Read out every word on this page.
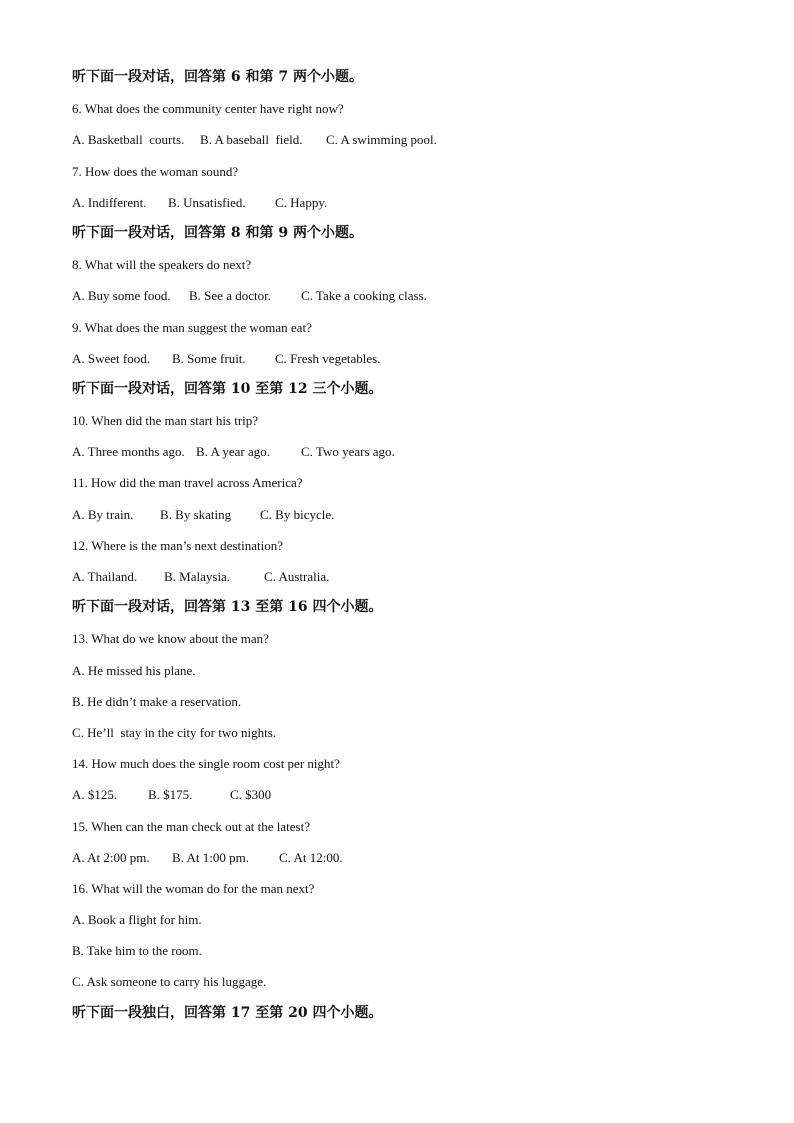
听下面一段对话，回答第 6 和第 7 两个小题。
6. What does the community center have right now?
A. Basketball  courts. B. A baseball  field. C. A swimming pool.
7. How does the woman sound?
A. Indifferent. B. Unsatisfied. C. Happy.
听下面一段对话，回答第 8 和第 9 两个小题。
8. What will the speakers do next?
A. Buy some food. B. See a doctor. C. Take a cooking class.
9. What does the man suggest the woman eat?
A. Sweet food. B. Some fruit. C. Fresh vegetables.
听下面一段对话，回答第 10 至第 12 三个小题。
10. When did the man start his trip?
A. Three months ago. B. A year ago. C. Two years ago.
11. How did the man travel across America?
A. By train. B. By skating C. By bicycle.
12. Where is the man’s next destination?
A. Thailand. B. Malaysia.	C. Australia.
听下面一段对话，回答第 13 至第 16 四个小题。
13. What do we know about the man?
A. He missed his plane.
B. He didn’t make a reservation.
C. He’ll  stay in the city for two nights.
14. How much does the single room cost per night?
A. $125. B. $175.	C. $300
15. When can the man check out at the latest?
A. At 2:00 pm. B. At 1:00 pm. C. At 12:00.
16. What will the woman do for the man next?
A. Book a flight for him.
B. Take him to the room.
C. Ask someone to carry his luggage.
听下面一段独白，回答第 17 至第 20 四个小题。
